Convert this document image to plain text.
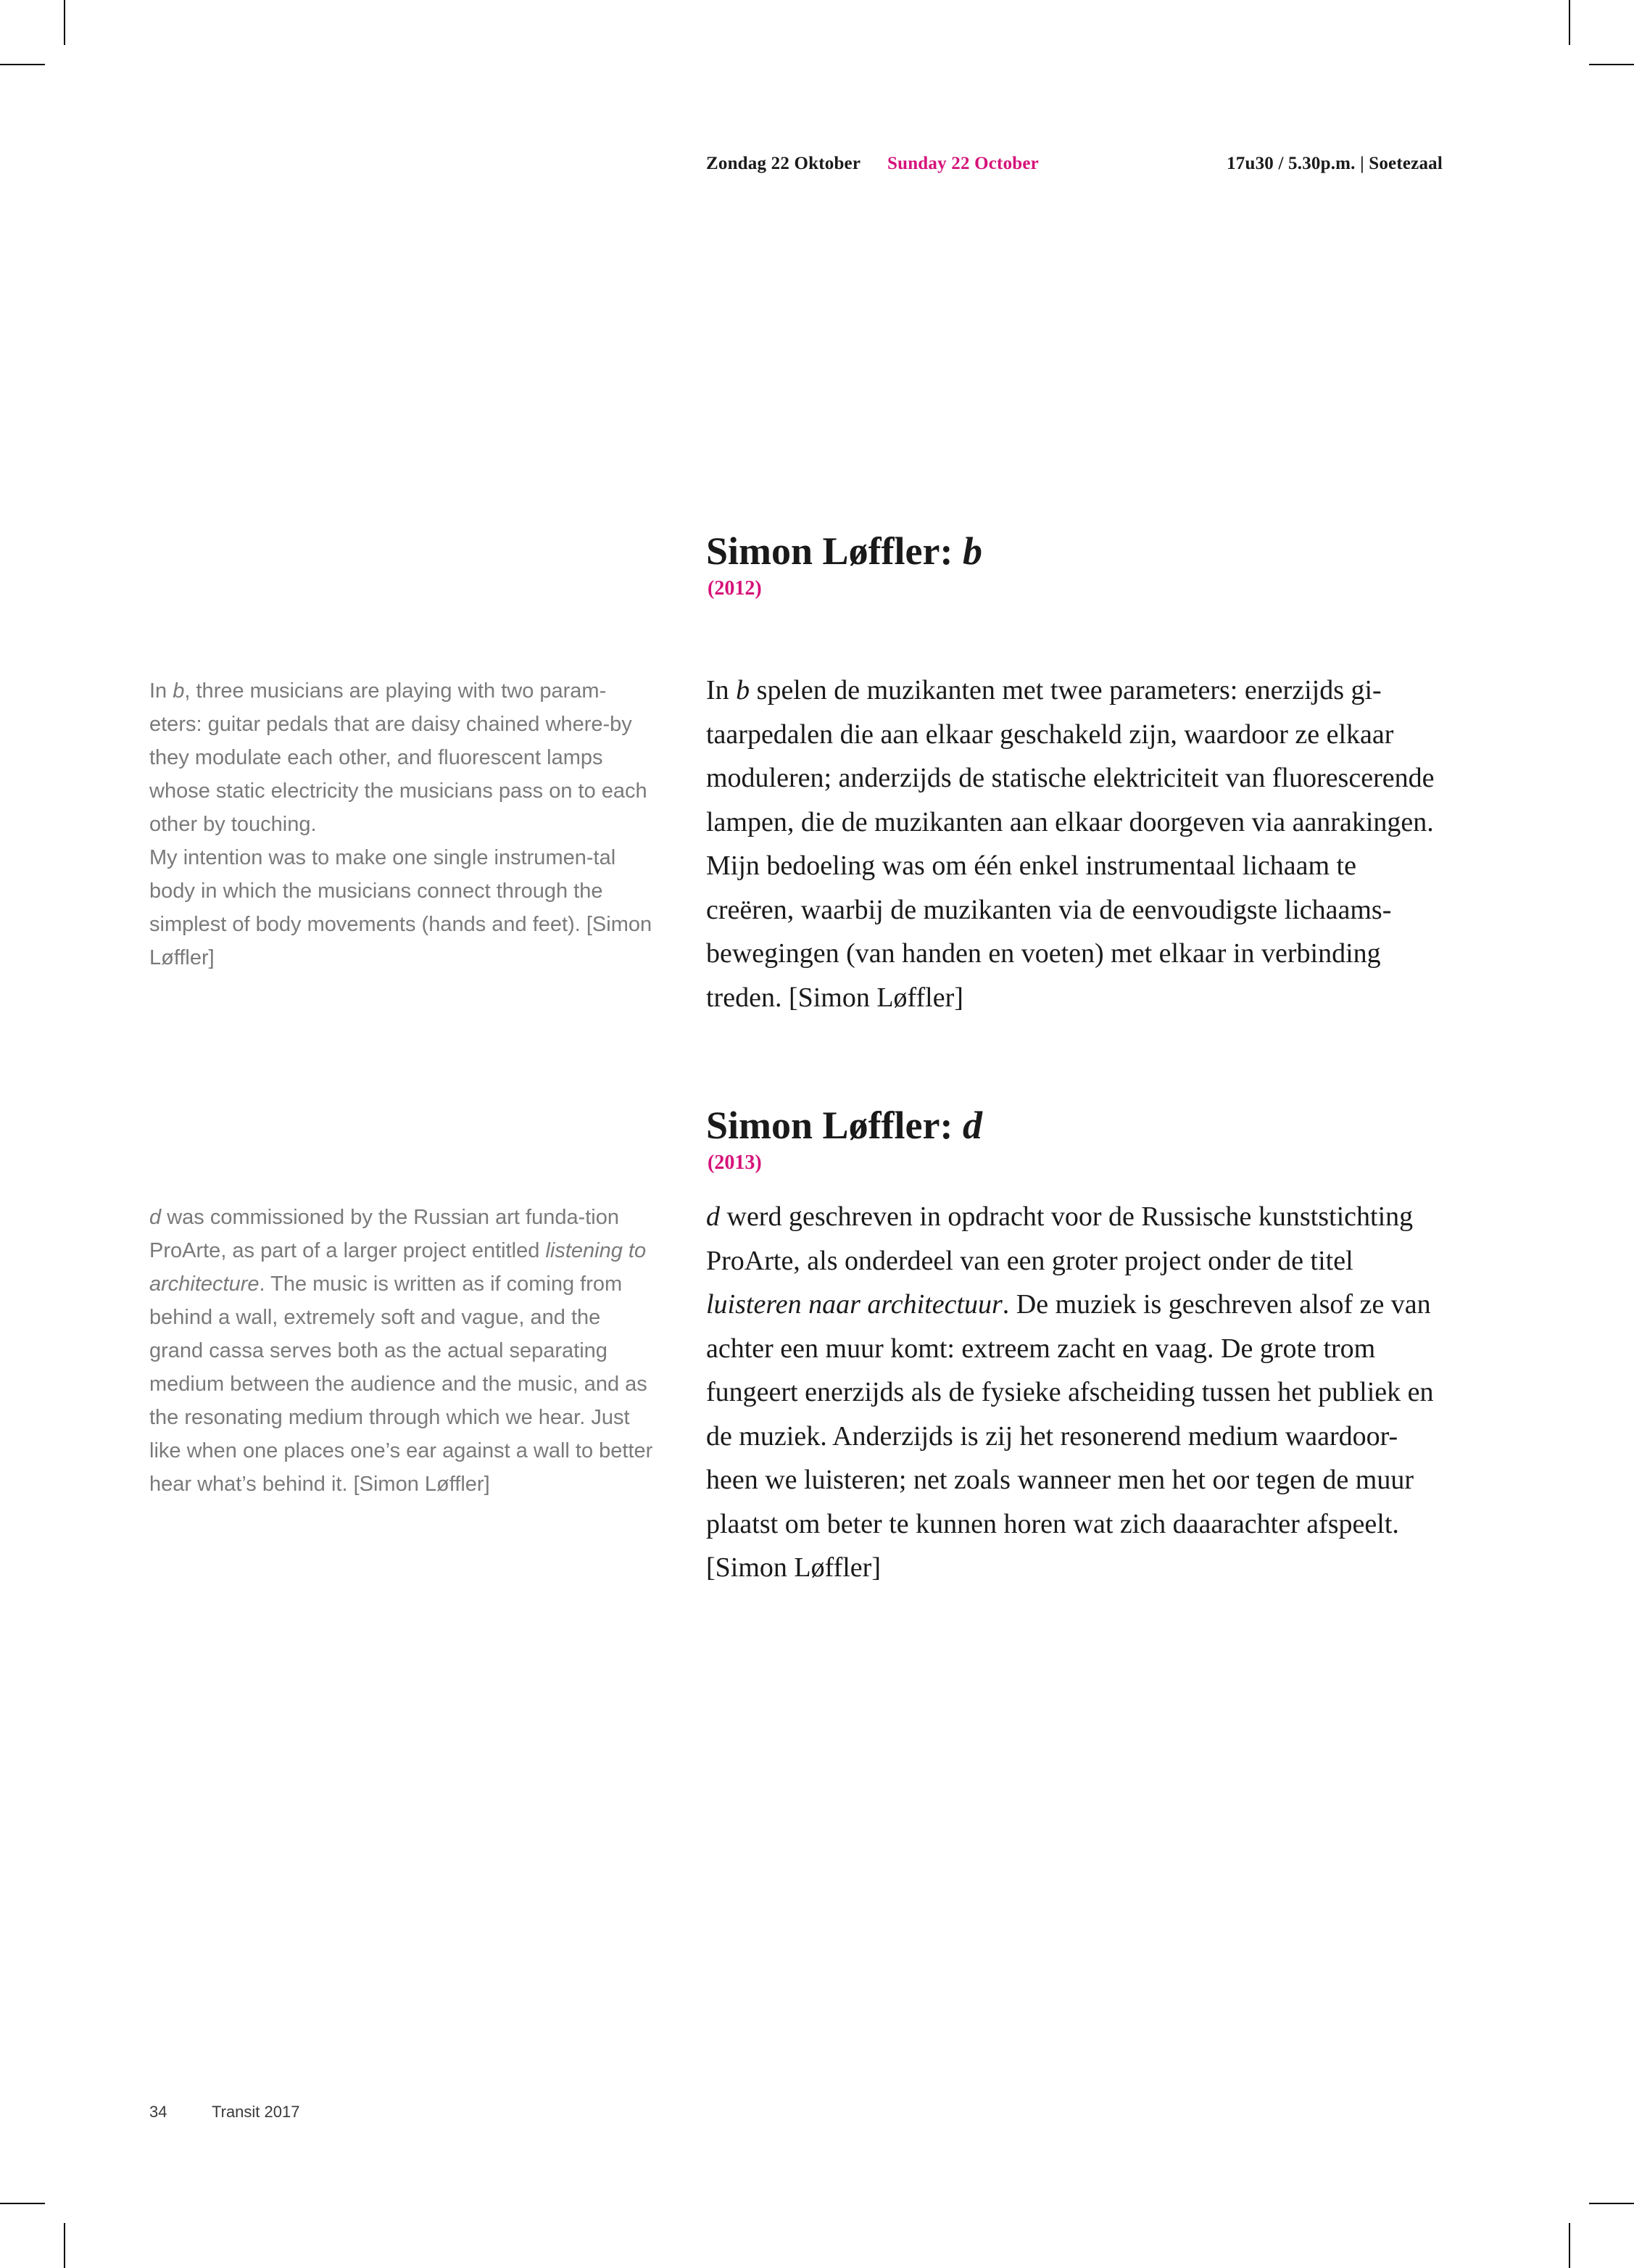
Zondag 22 Oktober Sunday 22 October	17u30 / 5.30p.m. | Soetezaal
Simon Løffler: b
(2012)

In b, three musicians are playing with two param-eters: guitar pedals that are daisy chained where-by they modulate each other, and fluorescent lamps whose static electricity the musicians pass on to each other by touching.

My intention was to make one single instrumen-tal body in which the musicians connect through the simplest of body movements (hands and feet). [Simon Løffler]

In b spelen de muzikanten met twee parameters: enerzijds gi-taarpedalen die aan elkaar geschakeld zijn, waardoor ze elkaar moduleren; anderzijds de statische elektriciteit van fluorescerende lampen, die de muzikanten aan elkaar doorgeven via aanrakingen. Mijn bedoeling was om één enkel instrumentaal lichaam te creëren, waarbij de muzikanten via de eenvoudigste lichaams-bewegingen (van handen en voeten) met elkaar in verbinding treden. [Simon Løffler]

Simon Løffler: d
(2013)

d was commissioned by the Russian art funda-tion ProArte, as part of a larger project entitled listening to architecture. The music is written as if coming from behind a wall, extremely soft and vague, and the grand cassa serves both as the actual separating medium between the audience and the music, and as the resonating medium through which we hear. Just like when one places one’s ear against a wall to better hear what’s behind it. [Simon Løffler]

d werd geschreven in opdracht voor de Russische kunststichting ProArte, als onderdeel van een groter project onder de titel luisteren naar architectuur. De muziek is geschreven alsof ze van achter een muur komt: extreem zacht en vaag. De grote trom fungeert enerzijds als de fysieke afscheiding tussen het publiek en de muziek. Anderzijds is zij het resonerend medium waardoor-heen we luisteren; net zoals wanneer men het oor tegen de muur plaatst om beter te kunnen horen wat zich daaarachter afspeelt. [Simon Løffler]

34	Transit 2017
